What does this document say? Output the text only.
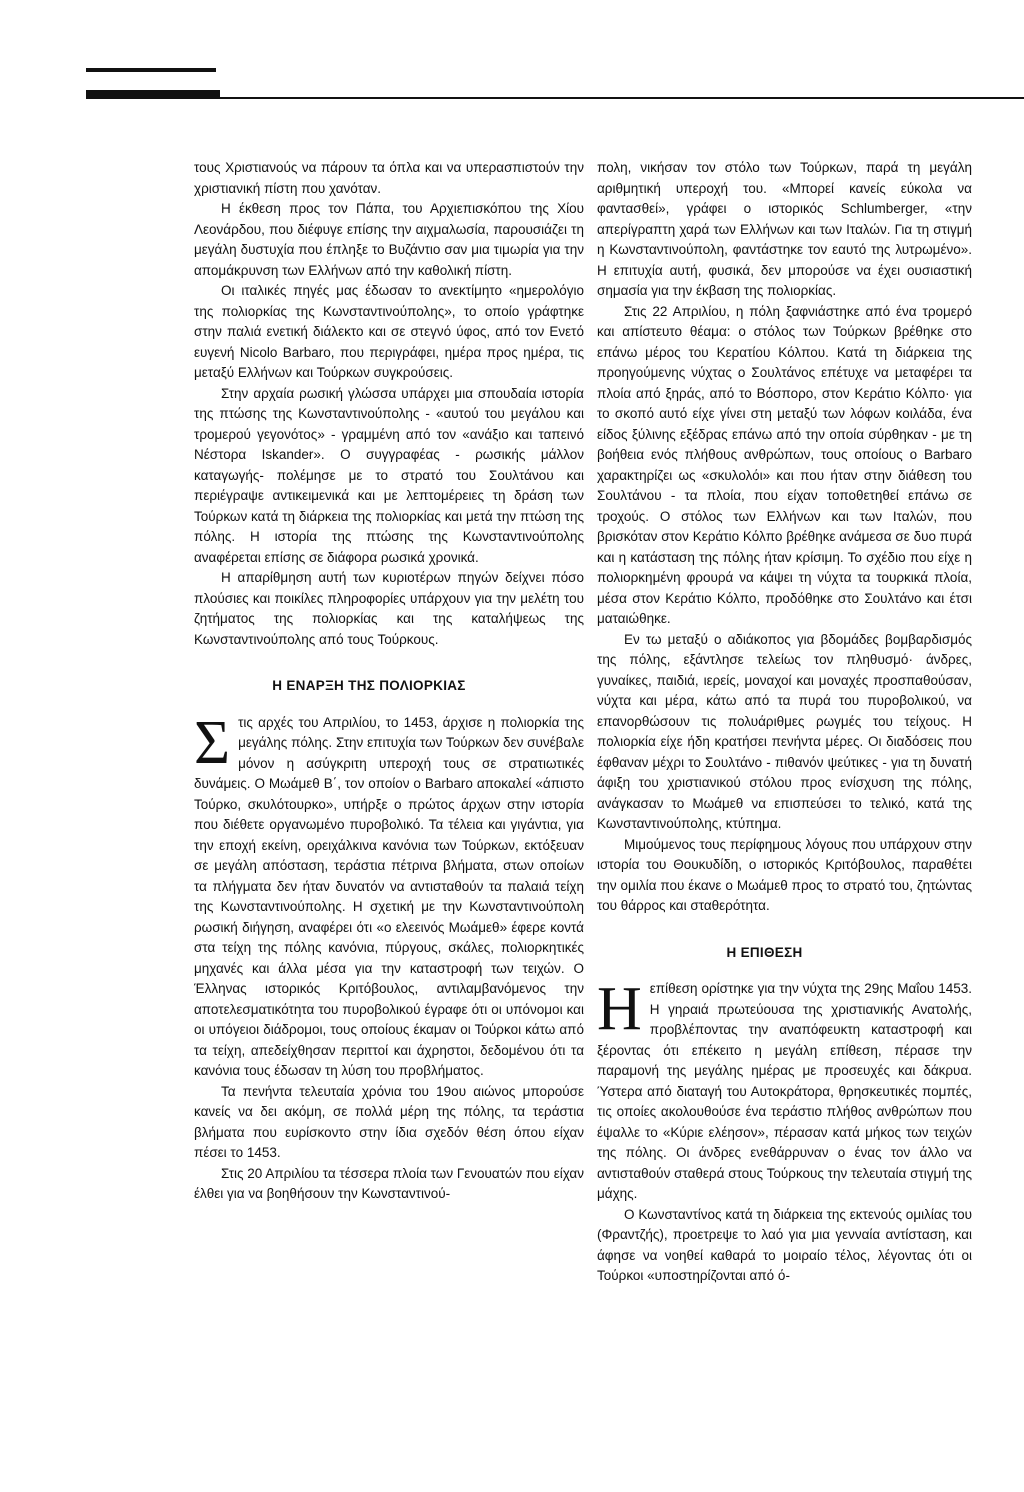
τους Χριστιανούς να πάρουν τα όπλα και να υπερασπιστούν την χριστιανική πίστη που χανόταν.

Η έκθεση προς τον Πάπα, του Αρχιεπισκόπου της Χίου Λεονάρδου, που διέφυγε επίσης την αιχμαλωσία, παρουσιάζει τη μεγάλη δυστυχία που έπληξε το Βυζάντιο σαν μια τιμωρία για την απομάκρυνση των Ελλήνων από την καθολική πίστη.

Οι ιταλικές πηγές μας έδωσαν το ανεκτίμητο «ημερολόγιο της πολιορκίας της Κωνσταντινούπολης», το οποίο γράφτηκε στην παλιά ενετική διάλεκτο και σε στεγνό ύφος, από τον Ενετό ευγενή Nicolo Barbaro, που περιγράφει, ημέρα προς ημέρα, τις μεταξύ Ελλήνων και Τούρκων συγκρούσεις.

Στην αρχαία ρωσική γλώσσα υπάρχει μια σπουδαία ιστορία της πτώσης της Κωνσταντινούπολης - «αυτού του μεγάλου και τρομερού γεγονότος» - γραμμένη από τον «ανάξιο και ταπεινό Νέστορα Iskander». Ο συγγραφέας - ρωσικής μάλλον καταγωγής- πολέμησε με το στρατό του Σουλτάνου και περιέγραψε αντικειμενικά και με λεπτομέρειες τη δράση των Τούρκων κατά τη διάρκεια της πολιορκίας και μετά την πτώση της πόλης. Η ιστορία της πτώσης της Κωνσταντινούπολης αναφέρεται επίσης σε διάφορα ρωσικά χρονικά.

Η απαρίθμηση αυτή των κυριοτέρων πηγών δείχνει πόσο πλούσιες και ποικίλες πληροφορίες υπάρχουν για την μελέτη του ζητήματος της πολιορκίας και της καταλήψεως της Κωνσταντινούπολης από τους Τούρκους.

Η ΕΝΑΡΞΗ ΤΗΣ ΠΟΛΙΟΡΚΙΑΣ

Στις αρχές του Απριλίου, το 1453, άρχισε η πολιορκία της μεγάλης πόλης. Στην επιτυχία των Τούρκων δεν συνέβαλε μόνον η ασύγκριτη υπεροχή τους σε στρατιωτικές δυνάμεις. Ο Μωάμεθ Β΄, τον οποίον ο Barbaro αποκαλεί «άπιστο Τούρκο, σκυλότουρκο», υπήρξε ο πρώτος άρχων στην ιστορία που διέθετε οργανωμένο πυροβολικό. Τα τέλεια και γιγάντια, για την εποχή εκείνη, ορειχάλκινα κανόνια των Τούρκων, εκτόξευαν σε μεγάλη απόσταση, τεράστια πέτρινα βλήματα, στων οποίων τα πλήγματα δεν ήταν δυνατόν να αντισταθούν τα παλαιά τείχη της Κωνσταντινούπολης. Η σχετική με την Κωνσταντινούπολη ρωσική διήγηση, αναφέρει ότι «ο ελεεινός Μωάμεθ» έφερε κοντά στα τείχη της πόλης κανόνια, πύργους, σκάλες, πολιορκητικές μηχανές και άλλα μέσα για την καταστροφή των τειχών. Ο Έλληνας ιστορικός Κριτόβουλος, αντιλαμβανόμενος την αποτελεσματικότητα του πυροβολικού έγραφε ότι οι υπόνομοι και οι υπόγειοι διάδρομοι, τους οποίους έκαμαν οι Τούρκοι κάτω από τα τείχη, απεδείχθησαν περιττοί και άχρηστοι, δεδομένου ότι τα κανόνια τους έδωσαν τη λύση του προβλήματος.

Τα πενήντα τελευταία χρόνια του 19ου αιώνος μπορούσε κανείς να δει ακόμη, σε πολλά μέρη της πόλης, τα τεράστια βλήματα που ευρίσκοντο στην ίδια σχεδόν θέση όπου είχαν πέσει το 1453.

Στις 20 Απριλίου τα τέσσερα πλοία των Γενουατών που είχαν έλθει για να βοηθήσουν την Κωνσταντινού-

πολη, νικήσαν τον στόλο των Τούρκων, παρά τη μεγάλη αριθμητική υπεροχή του. «Μπορεί κανείς εύκολα να φαντασθεί», γράφει ο ιστορικός Schlumberger, «την απερίγραπτη χαρά των Ελλήνων και των Ιταλών. Για τη στιγμή η Κωνσταντινούπολη, φαντάστηκε τον εαυτό της λυτρωμένο». Η επιτυχία αυτή, φυσικά, δεν μπορούσε να έχει ουσιαστική σημασία για την έκβαση της πολιορκίας.

Στις 22 Απριλίου, η πόλη ξαφνιάστηκε από ένα τρομερό και απίστευτο θέαμα: ο στόλος των Τούρκων βρέθηκε στο επάνω μέρος του Κερατίου Κόλπου. Κατά τη διάρκεια της προηγούμενης νύχτας ο Σουλτάνος επέτυχε να μεταφέρει τα πλοία από ξηράς, από το Βόσπορο, στον Κεράτιο Κόλπο· για το σκοπό αυτό είχε γίνει στη μεταξύ των λόφων κοιλάδα, ένα είδος ξύλινης εξέδρας επάνω από την οποία σύρθηκαν - με τη βοήθεια ενός πλήθους ανθρώπων, τους οποίους ο Barbaro χαρακτηρίζει ως «σκυλολόι» και που ήταν στην διάθεση του Σουλτάνου - τα πλοία, που είχαν τοποθετηθεί επάνω σε τροχούς. Ο στόλος των Ελλήνων και των Ιταλών, που βρισκόταν στον Κεράτιο Κόλπο βρέθηκε ανάμεσα σε δυο πυρά και η κατάσταση της πόλης ήταν κρίσιμη. Το σχέδιο που είχε η πολιορκημένη φρουρά να κάψει τη νύχτα τα τουρκικά πλοία, μέσα στον Κεράτιο Κόλπο, προδόθηκε στο Σουλτάνο και έτσι ματαιώθηκε.

Εν τω μεταξύ ο αδιάκοπος για βδομάδες βομβαρδισμός της πόλης, εξάντλησε τελείως τον πληθυσμό· άνδρες, γυναίκες, παιδιά, ιερείς, μοναχοί και μοναχές προσπαθούσαν, νύχτα και μέρα, κάτω από τα πυρά του πυροβολικού, να επανορθώσουν τις πολυάριθμες ρωγμές του τείχους. Η πολιορκία είχε ήδη κρατήσει πενήντα μέρες. Οι διαδόσεις που έφθαναν μέχρι το Σουλτάνο - πιθανόν ψεύτικες - για τη δυνατή άφιξη του χριστιανικού στόλου προς ενίσχυση της πόλης, ανάγκασαν το Μωάμεθ να επισπεύσει το τελικό, κατά της Κωνσταντινούπολης, κτύπημα.

Μιμούμενος τους περίφημους λόγους που υπάρχουν στην ιστορία του Θουκυδίδη, ο ιστορικός Κριτόβουλος, παραθέτει την ομιλία που έκανε ο Μωάμεθ προς το στρατό του, ζητώντας του θάρρος και σταθερότητα.

Η ΕΠΙΘΕΣΗ

Ηεπίθεση ορίστηκε για την νύχτα της 29ης Μαΐου 1453. Η γηραιά πρωτεύουσα της χριστιανικής Ανατολής, προβλέποντας την αναπόφευκτη καταστροφή και ξέροντας ότι επέκειτο η μεγάλη επίθεση, πέρασε την παραμονή της μεγάλης ημέρας με προσευχές και δάκρυα. Ύστερα από διαταγή του Αυτοκράτορα, θρησκευτικές πομπές, τις οποίες ακολουθούσε ένα τεράστιο πλήθος ανθρώπων που έψαλλε το «Κύριε ελέησον», πέρασαν κατά μήκος των τειχών της πόλης. Οι άνδρες ενεθάρρυναν ο ένας τον άλλο να αντισταθούν σταθερά στους Τούρκους την τελευταία στιγμή της μάχης.

Ο Κωνσταντίνος κατά τη διάρκεια της εκτενούς ομιλίας του (Φραντζής), προετρεψε το λαό για μια γενναία αντίσταση, και άφησε να νοηθεί καθαρά το μοιραίο τέλος, λέγοντας ότι οι Τούρκοι «υποστηρίζονται από ό-
